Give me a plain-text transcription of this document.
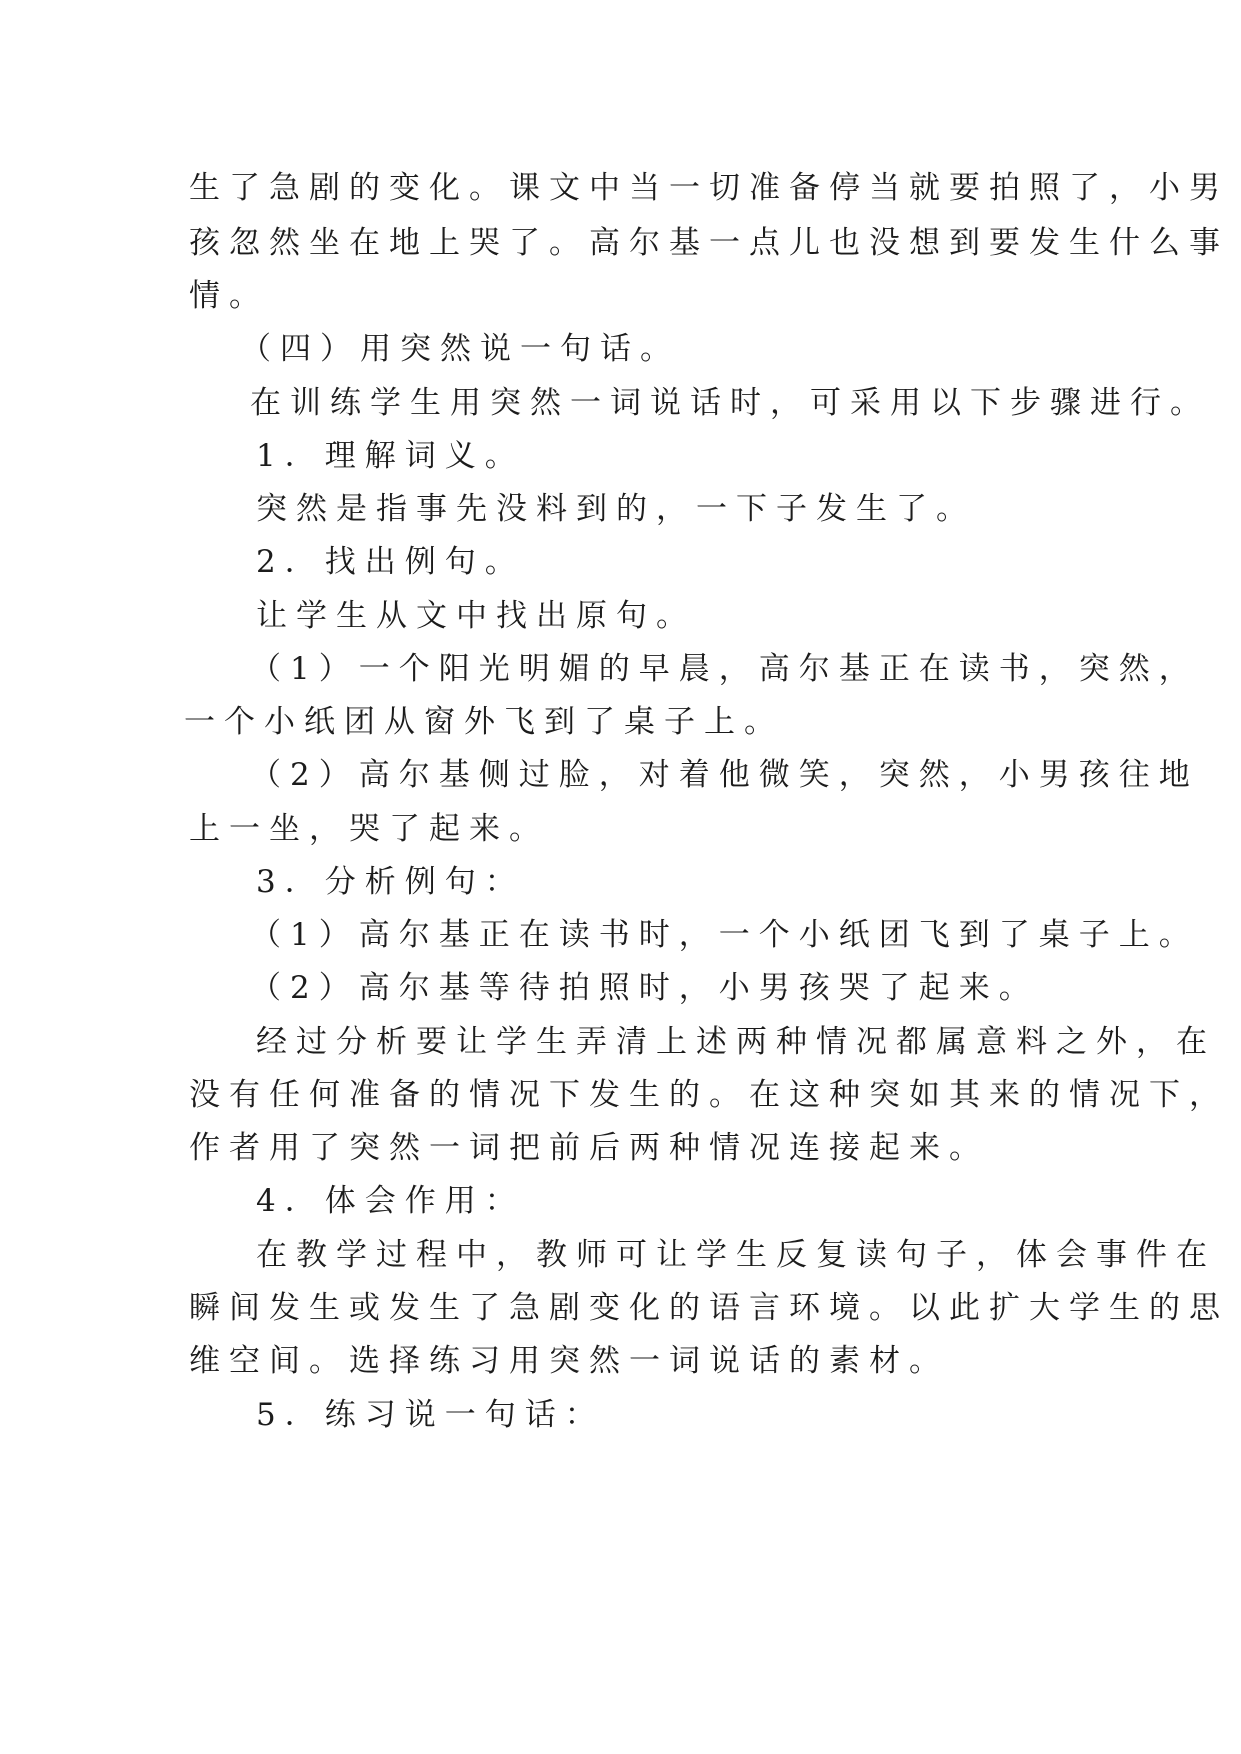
生了急剧的变化。课文中当一切准备停当就要拍照了，小男
孩忽然坐在地上哭了。高尔基一点儿也没想到要发生什么事
情。
（四）用突然说一句话。
在训练学生用突然一词说话时，可采用以下步骤进行。
1．理解词义。
突然是指事先没料到的，一下子发生了。
2．找出例句。
让学生从文中找出原句。
（1）一个阳光明媚的早晨，高尔基正在读书，突然，
一个小纸团从窗外飞到了桌子上。
（2）高尔基侧过脸，对着他微笑，突然，小男孩往地
上一坐，哭了起来。
3．分析例句：
（1）高尔基正在读书时，一个小纸团飞到了桌子上。
（2）高尔基等待拍照时，小男孩哭了起来。
经过分析要让学生弄清上述两种情况都属意料之外，在
没有任何准备的情况下发生的。在这种突如其来的情况下，
作者用了突然一词把前后两种情况连接起来。
4．体会作用：
在教学过程中，教师可让学生反复读句子，体会事件在
瞬间发生或发生了急剧变化的语言环境。以此扩大学生的思
维空间。选择练习用突然一词说话的素材。
5．练习说一句话：
